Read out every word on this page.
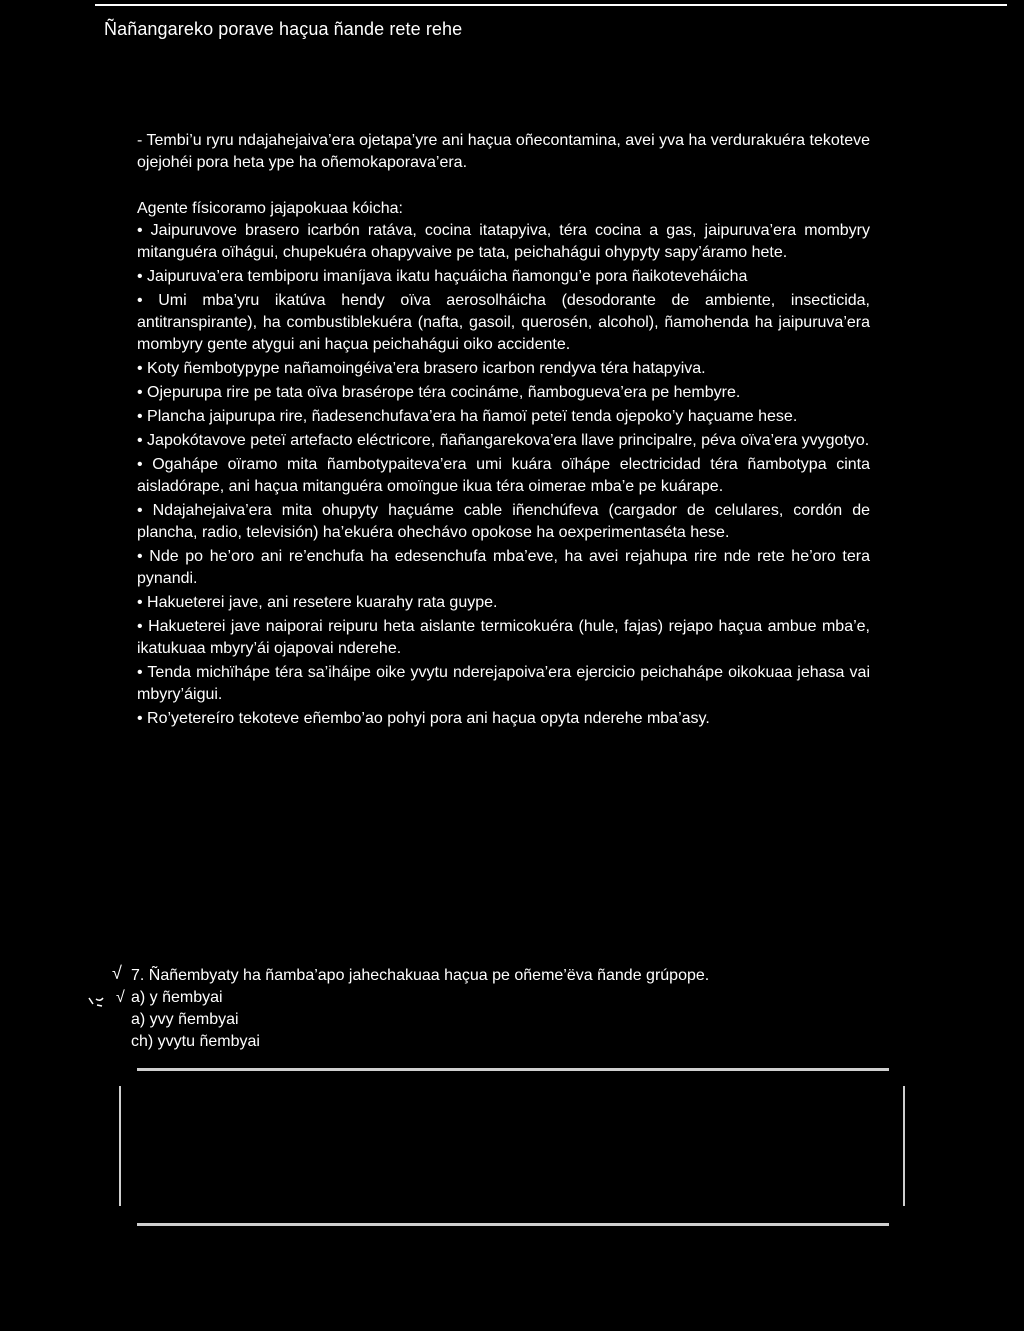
Ñañangareko porave haçua ñande rete rehe

- Tembi’u ryru ndajahejaiva’era ojetapa’yre ani haçua oñecontamina, avei yva ha verdurakuéra tekoteve ojejohéi pora heta ype ha oñemokaporava’era.

Agente físicoramo jajapokuaa kóicha:

• Jaipuruvove brasero icarbón ratáva, cocina itatapyiva, téra cocina a gas, jaipuruva’era mombyry mitanguéra oïhágui, chupekuéra ohapyvaive pe tata, peichahágui ohypyty sapy’áramo hete.

• Jaipuruva’era tembiporu imaníjava ikatu haçuáicha ñamongu’e pora ñaikoteveháicha

• Umi mba’yru ikatúva hendy oïva aerosolháicha (desodorante de ambiente, insecticida, antitranspirante), ha combustiblekuéra (nafta, gasoil, querosén, alcohol), ñamohenda ha jaipuruva’era mombyry gente atygui ani haçua peichahágui oiko accidente.

• Koty ñembotypype nañamoingéiva’era brasero icarbon rendyva téra hatapyiva.

• Ojepurupa rire pe tata oïva brasérope téra cocináme, ñambogueva’era pe hembyre.

• Plancha jaipurupa rire, ñadesenchufava’era ha ñamoï peteï tenda ojepoko’y haçuame hese.

• Japokótavove peteï artefacto eléctricore, ñañangarekova’era llave principalre, péva oïva’era yvygotyo.

• Ogahápe oïramo mita ñambotypaiteva’era umi kuára oïhápe electricidad téra ñambotypa cinta aisladórape, ani haçua mitanguéra omoïngue ikua téra oimerae mba’e pe kuárape.

• Ndajahejaiva’era mita ohupyty haçuáme cable iñenchúfeva (cargador de celulares, cordón de plancha, radio, televisión) ha’ekuéra ohechávo opokose ha oexperimentaséta hese.

• Nde po he’oro ani re’enchufa ha edesenchufa mba’eve, ha avei rejahupa rire nde rete he’oro tera pynandi.

• Hakueterei jave, ani resetere kuarahy rata guype.

• Hakueterei jave naiporai reipuru heta aislante termicokuéra (hule, fajas) rejapo haçua ambue mba’e, ikatukuaa mbyry’ái ojapovai nderehe.

• Tenda michïhápe téra sa’iháipe oike yvytu nderejapoiva’era ejercicio peichahápe oikokuaa jehasa vai mbyry’áigui.

• Ro’yetereíro tekoteve eñembo’ao pohyi pora ani haçua opyta nderehe mba’asy.

√
√
7. Ñañembyaty ha ñamba’apo jahechakuaa haçua pe oñeme’ëva ñande grúpope.
a) y ñembyai
a) yvy ñembyai
ch) yvytu ñembyai
